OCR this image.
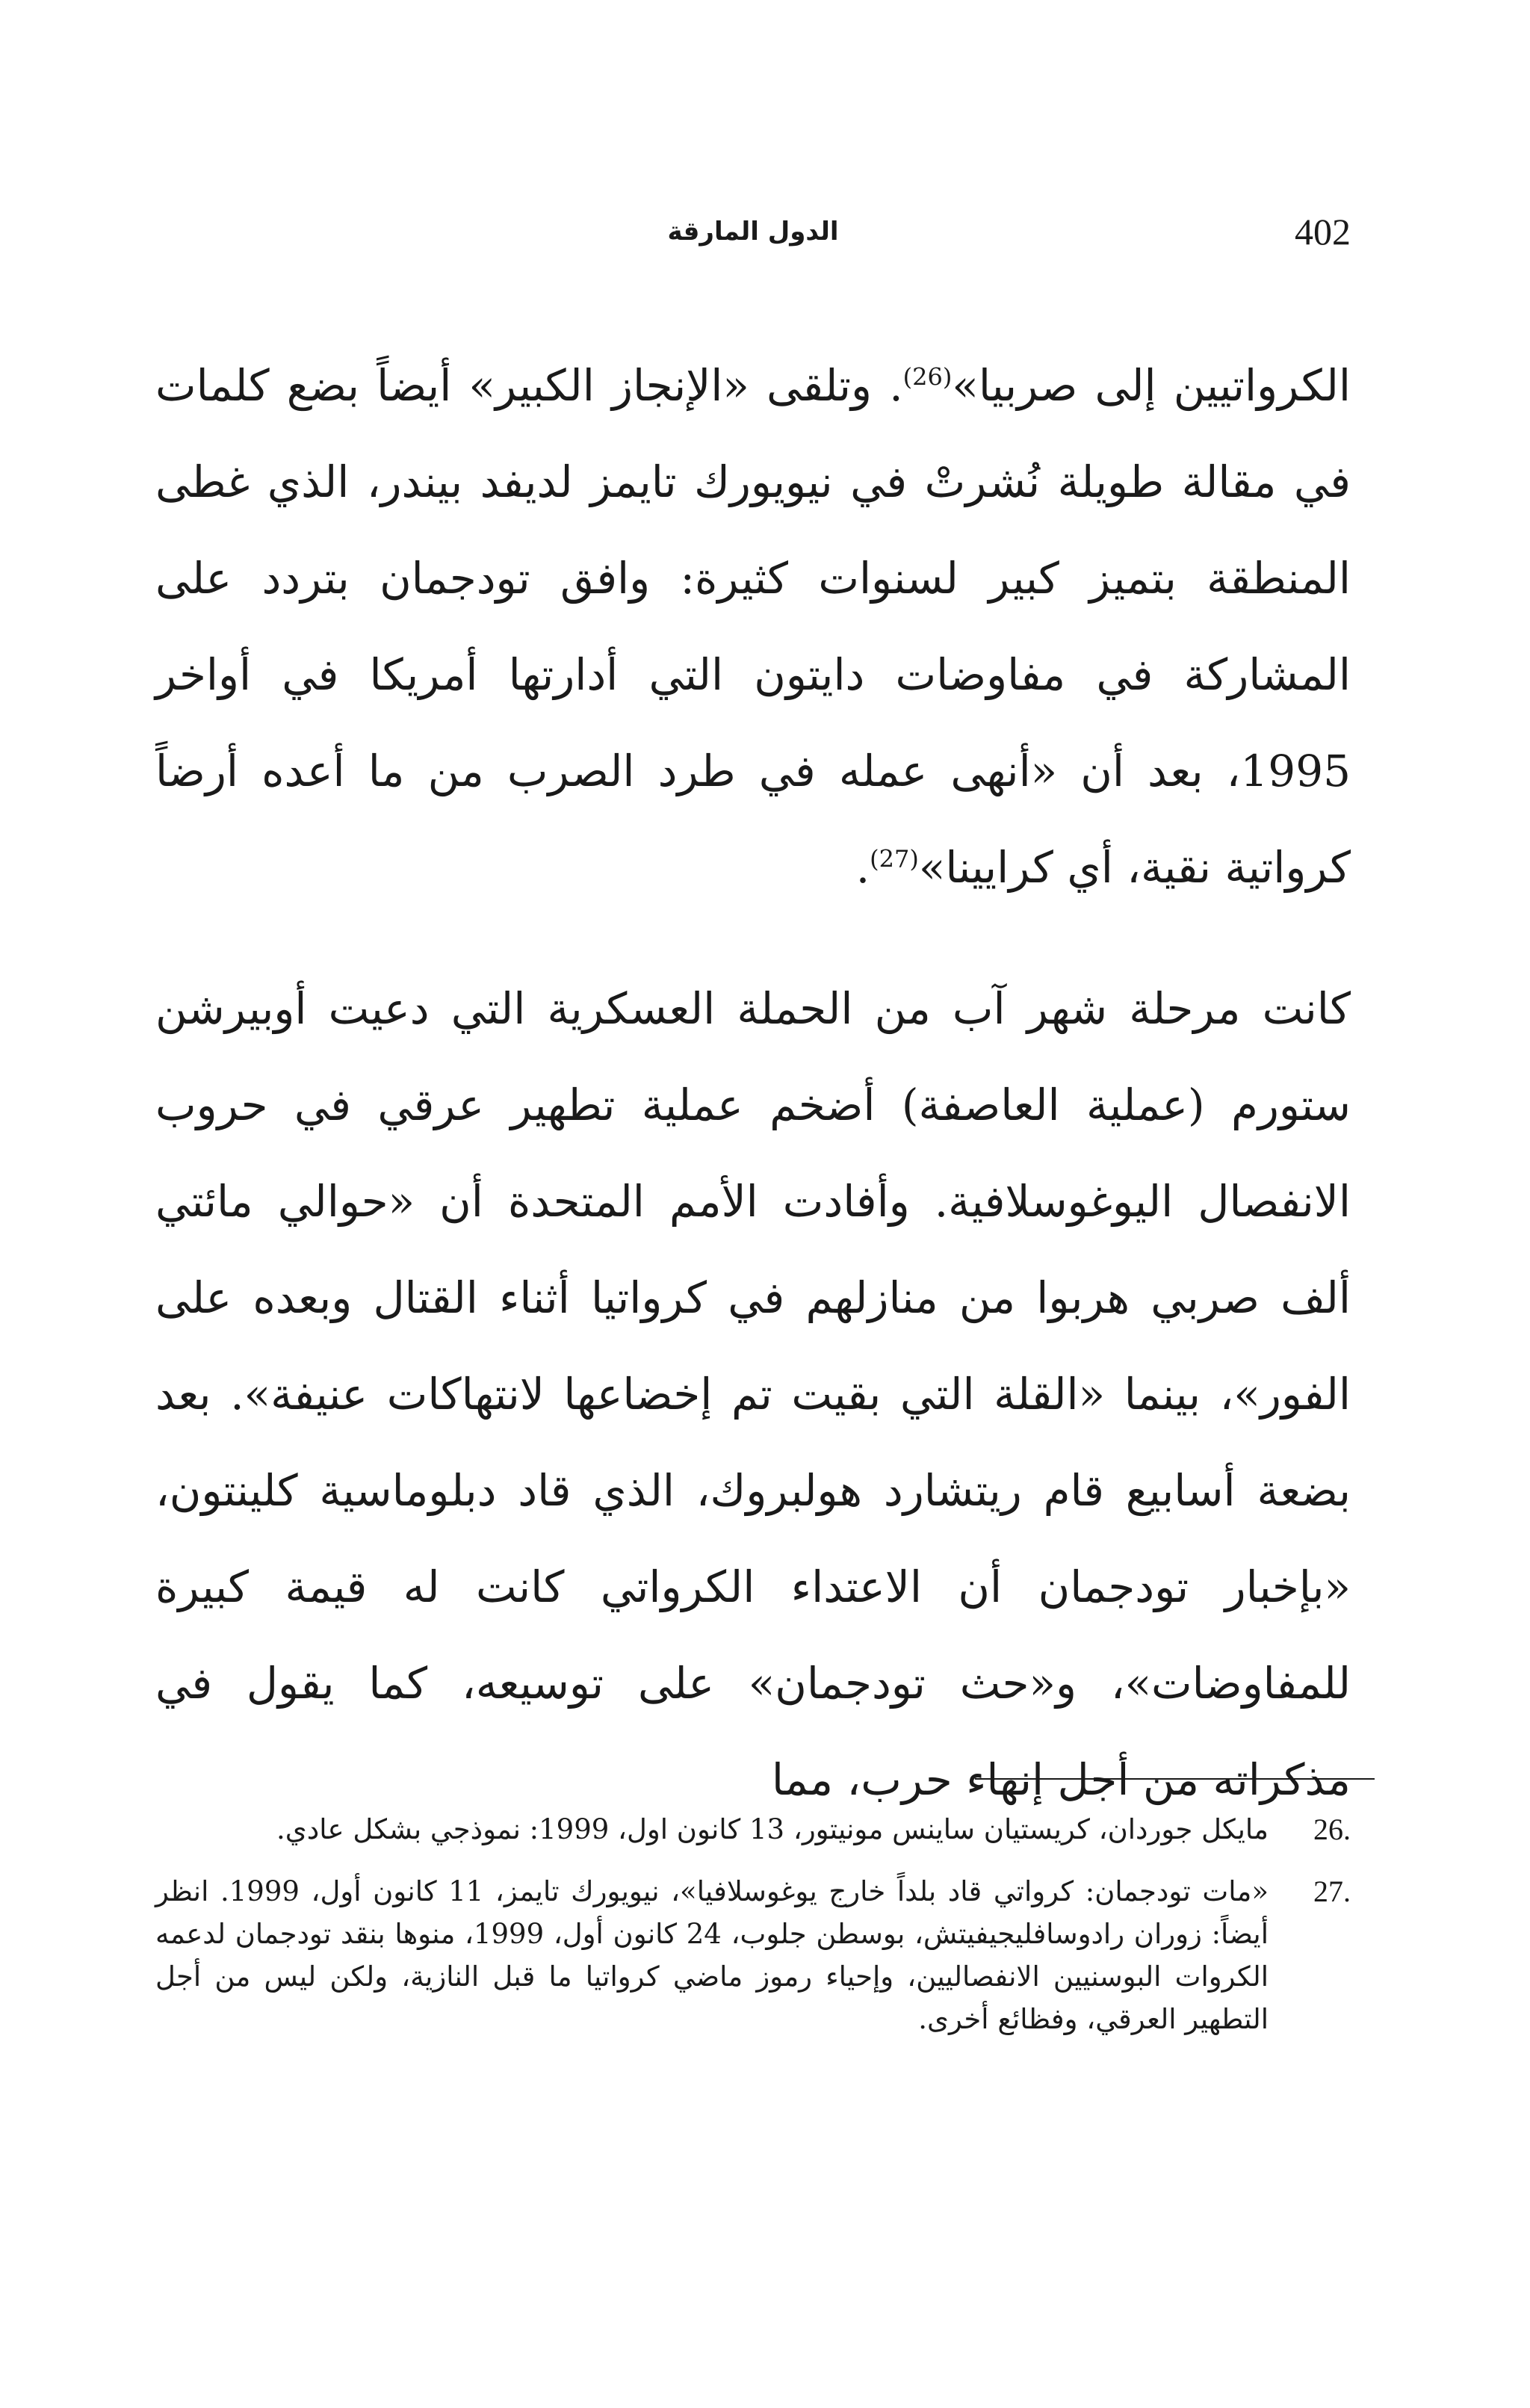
الدول المارقة	402

الكرواتيين إلى صربيا»$^{(26)}$. وتلقى «الإنجاز الكبير» أيضاً بضع كلمات في مقالة طويلة نُشرتْ في نيويورك تايمز لديفد بيندر، الذي غطى المنطقة بتميز كبير لسنوات كثيرة: وافق تودجمان بتردد على المشاركة في مفاوضات دايتون التي أدارتها أمريكا في أواخر 1995، بعد أن «أنهى عمله في طرد الصرب من ما أعده أرضاً كرواتية نقية، أي كرايينا»$^{(27)}$.

كانت مرحلة شهر آب من الحملة العسكرية التي دعيت أوبيرشن ستورم (عملية العاصفة) أضخم عملية تطهير عرقي في حروب الانفصال اليوغوسلافية. وأفادت الأمم المتحدة أن «حوالي مائتي ألف صربي هربوا من منازلهم في كرواتيا أثناء القتال وبعده على الفور»، بينما «القلة التي بقيت تم إخضاعها لانتهاكات عنيفة». بعد بضعة أسابيع قام ريتشارد هولبروك، الذي قاد دبلوماسية كلينتون، «بإخبار تودجمان أن الاعتداء الكرواتي كانت له قيمة كبيرة للمفاوضات»، و«حث تودجمان» على توسيعه، كما يقول في مذكراته من أجل إنهاء حرب، مما

26.
مايكل جوردان، كريستيان ساينس مونيتور، 13 كانون اول، 1999: نموذجي بشكل عادي.
27.
«مات تودجمان: كرواتي قاد بلداً خارج يوغوسلافيا»، نيويورك تايمز، 11 كانون أول، 1999. انظر أيضاً: زوران رادوسافليجيفيتش، بوسطن جلوب، 24 كانون أول، 1999، منوها بنقد تودجمان لدعمه الكروات البوسنيين الانفصاليين، وإحياء رموز ماضي كرواتيا ما قبل النازية، ولكن ليس من أجل التطهير العرقي، وفظائع أخرى.
